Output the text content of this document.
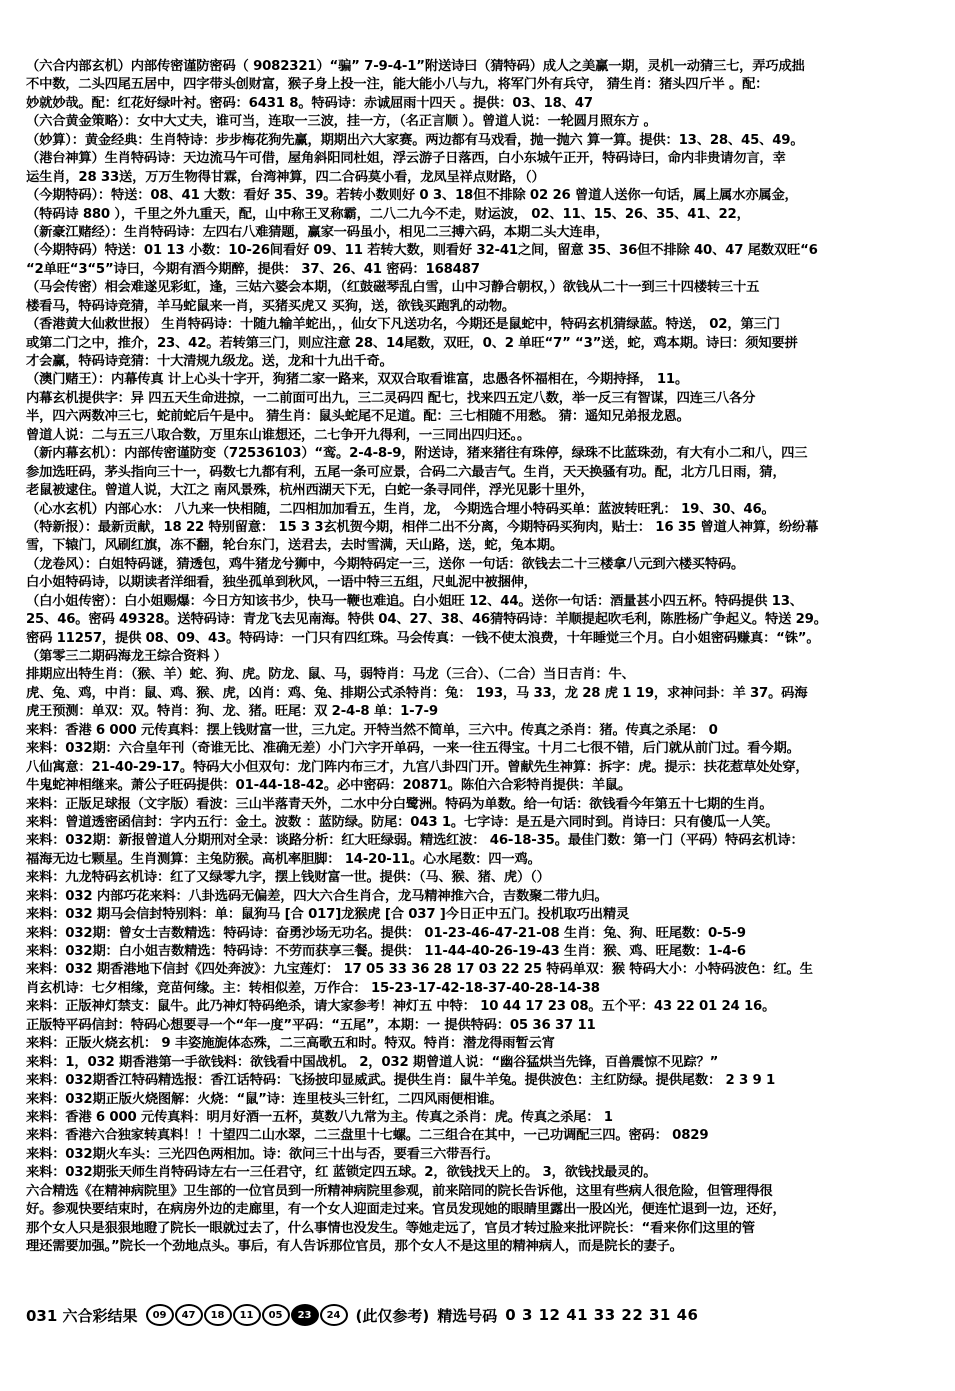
（六合内部玄机）内部传密谨防密码（ 9082321）“骗” 7-9-4-1”附送诗曰（猜特码）成人之美赢一期，灵机一动猜三七，弄巧成拙
不中数，二头四尾五居中，四字带头创财富，猴子身上投一注，能大能小八与九，将军门外有兵守， 猜生肖：猪头四斤半 。配：
妙就妙哉。配：红花好绿叶衬。密码：6431 8。特码诗：赤诚屈雨十四天 。提供：03、18、47
（六合黄金策略）：女中大丈夫，谁可当，连取一三波，挂一方，（名正言顺 ）。曾道人说：一轮圆月照东方 。
（妙算）：黄金经典：生肖特诗：步步梅花狗先赢，期期出六大家赛。两边都有马戏看，抛一抛六 算一算。提供：13、28、45、49。
（港台神算）生肖特码诗：天边流马午可借，屋角斜阳同杜姐，浮云游子日落西，白小东城午正开，特码诗曰，命内非贵请勿言，幸
运生肖，28 33送，万万生物得甘霖，台湾神算，四二合码莫小看，龙凤呈祥点财路，（）
（今期特码）：特送：08、41 大数：看好 35、39。若转小数则好 0 3、18但不排除 02 26 曾道人送你一句话，属上属水亦属金，
（特码诗 880 ），千里之外九重天，配，山中称王叉称霸，二八二九今不走，财运波， 02、11、15、26、35、41、22，
（新豪江赌经）：生肖特码诗：左四右八难猜题，赢家一码虽小，相见二三搏六码，本期二头大连串，
（今期特码）特送：01 13 小数：10-26间看好 09、11 若转大数，则看好 32-41之间，留意 35、36但不排除 40、47 尾数双旺“6
“2单旺“3“5”诗曰，今期有酒今期醉，提供： 37、26、41 密码：168487
（马会传密）相会难遂见彩虹，逢，三姑六婆会本期，（红鼓磁琴乱白雪，山中习静合朝权，）欲钱从二十一到三十四楼转三十五
楼看马，特码诗竞猜，羊马蛇鼠来一肖，买猪买虎又 买狗，送，欲钱买跑乳的动物。
（香港黄大仙救世报） 生肖特码诗：十随九输羊蛇出，，仙女下凡送功名，今期还是鼠蛇中，特码玄机猜绿蓝。特送， 02，第三门
或第二门之中，推介，23、42。若转第三门，则应注意 28、14尾数，双旺，0、2 单旺“7” “3”送，蛇，鸡本期。诗曰：须知要拼
才会赢，特码诗竞猜：十大清规九级龙。送，龙和十九出千奇。
（澳门赌王）：内幕传真 计上心头十字开，狗猪二家一路来，双双合取看谁富，忠愚各怀福相在，今期持择， 11。
内幕玄机提供字：异 四五天生命进掠，一二前面可出九，三二灵码四 配七，找来四五定八数，举一反三有智谋，四连三八各分
半，四六两数冲三七，蛇前蛇后午是中。 猜生肖：鼠头蛇尾不足道。配：三七相随不用愁。 猜：遥知兄弟报龙恩。
曾道人说：二与五三八取合数，万里东山谁想还，二七争开九得利，一三同出四归还。。
（新内幕玄机）：内部传密谨防变（72536103）“鸾。2-4-8-9，附送诗，猪来猪往有珠停，绿珠不比蓝珠劲，有大有小二和八，四三
参加选旺码，茅头指向三十一，码数七九都有利，五尾一条可应景，合码二六最吉气。生肖，天天换骚有功。配，北方几日雨，猜，
老鼠被逮住。曾道人说，大江之 南风景殊，杭州西湖天下无，白蛇一条寻同伴，浮光见影十里外，
（心水玄机）内部心水： 八九来一快相随，二四相加加看五，生肖，龙， 今期选合埋小特码买单：蓝波转旺乳： 19、30、46。
（特新报）：最新贡献，18 22 特别留意： 15 3 3玄机贺今期，相伴二出不分离，今期特码买狗肉，贴士： 16 35 曾道人神算，纷纷幕
雪，下辕门，风刷红旗，冻不翻，轮台东门，送君去，去时雪满，天山路，送，蛇，兔本期。
（龙卷风）：白姐特码谜，猜透包，鸡牛猪龙兮狮中，今期特码定一三，送你 一句话：欲钱去二十三楼拿八元到六楼买特码。
白小姐特码诗，以期读者洋细看，独坐孤单到秋风，一语中特三五组，尺虬泥中被捆伸，
（白小姐传密）：白小姐赐爆：今日方知该书少，快马一鞭也难追。白小姐旺 12、44。送你一句话：酒量甚小四五杯。特码提供 13、
25、46。密码 49328。送特码诗：青龙飞去见南海。特供 04、27、38、46猜特码诗：羊顺提起吹毛利，陈胜杨广争起义。特送 29。
密码 11257，提供 08、09、43。特码诗：一门只有四红珠。马会传真：一钱不使太浪费，十年睡觉三个月。白小姐密码赚真：“铢”。
（第零三二期码海龙王综合资料 ）
排期应出特生肖：（猴、羊）蛇、狗、虎。防龙、鼠、马，弱特肖：马龙（三合）、（二合）当日吉肖：牛、
虎、兔、鸡，中肖：鼠、鸡、猴、虎，凶肖：鸡、兔、排期公式杀特肖：兔： 193，马 33，龙 28 虎 1 19，求神问卦：羊 37。码海
虎王预测：单双：双。特肖：狗、龙、猪。旺尾：双 2-4-8 单：1-7-9
来料：香港 6 000 元传真料：摆上钱财富一世，三九定。开特当然不简单，三六中。传真之杀肖：猪。传真之杀尾： 0
来料：032期：六合皇年刊（奇谁无比、准确无差）小门六字开单码，一来一往五得宝。十月二七很不错，后门就从前门过。看今期。
八仙寓意：21-40-29-17。特码大小但双句：龙门阵内布三才，九宫八卦四门开。曾献先生神算：拆字：虎。提示：扶花惹草处处穿，
牛鬼蛇神相继来。萧公子旺码提供：01-44-18-42。必中密码：20871。陈伯六合彩特肖提供：羊鼠。
来料：正版足球报（文字版）看波：三山半落青天外，二水中分白鹭洲。特码为单数。给一句话：欲钱看今年第五十七期的生肖。
来料：曾道透密函信封：字内五行：金土。波数 ：蓝防绿。防尾：043 1。七字诗：是五是六同时到。肖诗曰：只有傻瓜一人笑。
来料：032期：新报曾道人分期刑对全录：谈路分析：红大旺绿弱。精选红波： 46-18-35。最佳门数：第一门（平码）特码玄机诗：
福海无边七颗星。生肖测算：主兔防猴。高机率胆脚： 14-20-11。心水尾数：四一鸡。
来料：九龙特码玄机诗：红了又绿零九字，摆上钱财富一世。提供：（马、猴、猪、虎）（）
来料：032 内部巧花来料：八卦选码无偏差，四大六合生肖合，龙马精神推六合，吉数聚二带九归。
来料：032 期马会信封特别料：单：鼠狗马 [合 017]龙猴虎 [合 037 ]今日正中五门。投机取巧出精灵
来料：032期：曾女士吉数精选：特码诗：奋勇沙场无功名。提供： 01-23-46-47-21-08 生肖：兔、狗、旺尾数：0-5-9
来料：032期：白小姐吉数精选：特码诗：不劳而获享三餐。提供： 11-44-40-26-19-43 生肖：猴、鸡、旺尾数：1-4-6
来料：032 期香港地下信封《四处奔波》：九宝莲灯： 17 05 33 36 28 17 03 22 25 特码单双：猴 特码大小：小特码波色：红。生
肖玄机诗：七夕相缘，竞苗何缘。主：转相似差，万作合： 15-23-17-42-18-37-40-28-14-38
来料：正版神灯禁支：鼠牛。此乃神灯特码绝杀，请大家参考！神灯五 中特： 10 44 17 23 08。五个平：43 22 01 24 16。
正版特平码信封：特码心想要寻一个“年一度”平码：“五尾”，本期：一 提供特码：05 36 37 11
来料：正版火烧玄机： 9 丰姿施旎体态殊，二三高歌五和时。特双。特肖：潜龙得雨暂云宵
来料：1，032 期香港第一手欲钱料：欲钱看中国战机。 2，032 期曾道人说：“幽谷猛烘当先锋，百兽震惊不见踪？”
来料：032期香江特码精选报：香江话特码：飞扬披印显威武。提供生肖：鼠牛羊兔。提供波色：主红防绿。提供尾数： 2 3 9 1
来料：032期正版火烧图解：火烧：“鼠”诗：连里枝头三针红，二四风雨便相谁。
来料：香港 6 000 元传真料：明月好酒一五杯，莫数八九常为主。传真之杀肖：虎。传真之杀尾： 1
来料：香港六合独家转真料！！十望四二山水翠，二三盘里十七螺。二三组合在其中，一己功调配三四。密码： 0829
来料：032期火车头：三光四色两相加。诗：欲问三十出与否，要看三六带吾行。
来料：032期张天师生肖特码诗左右一三任君守，红 蓝锁定四五球。2，欲钱找天上的。 3，欲钱找最灵的。
六合精选《在精神病院里》卫生部的一位官员到一所精神病院里参观，前来陪同的院长告诉他，这里有些病人很危险，但管理得很
好。参观快要结束时，在病房外边的走廊里，有一个女人迎面走过来。官员发现她的眼睛里露出一股凶光，便连忙退到一边，还好，
那个女人只是狠狠地瞪了院长一眼就过去了，什么事情也没发生。等她走远了，官员才转过脸来批评院长：“看来你们这里的管
理还需要加强。”院长一个劲地点头。事后，有人告诉那位官员，那个女人不是这里的精神病人，而是院长的妻子。
031 六合彩结果	09	47	18	11	05	23	24	(此仅参考) 精选号码 0 3 12 41 33 22 31 46
